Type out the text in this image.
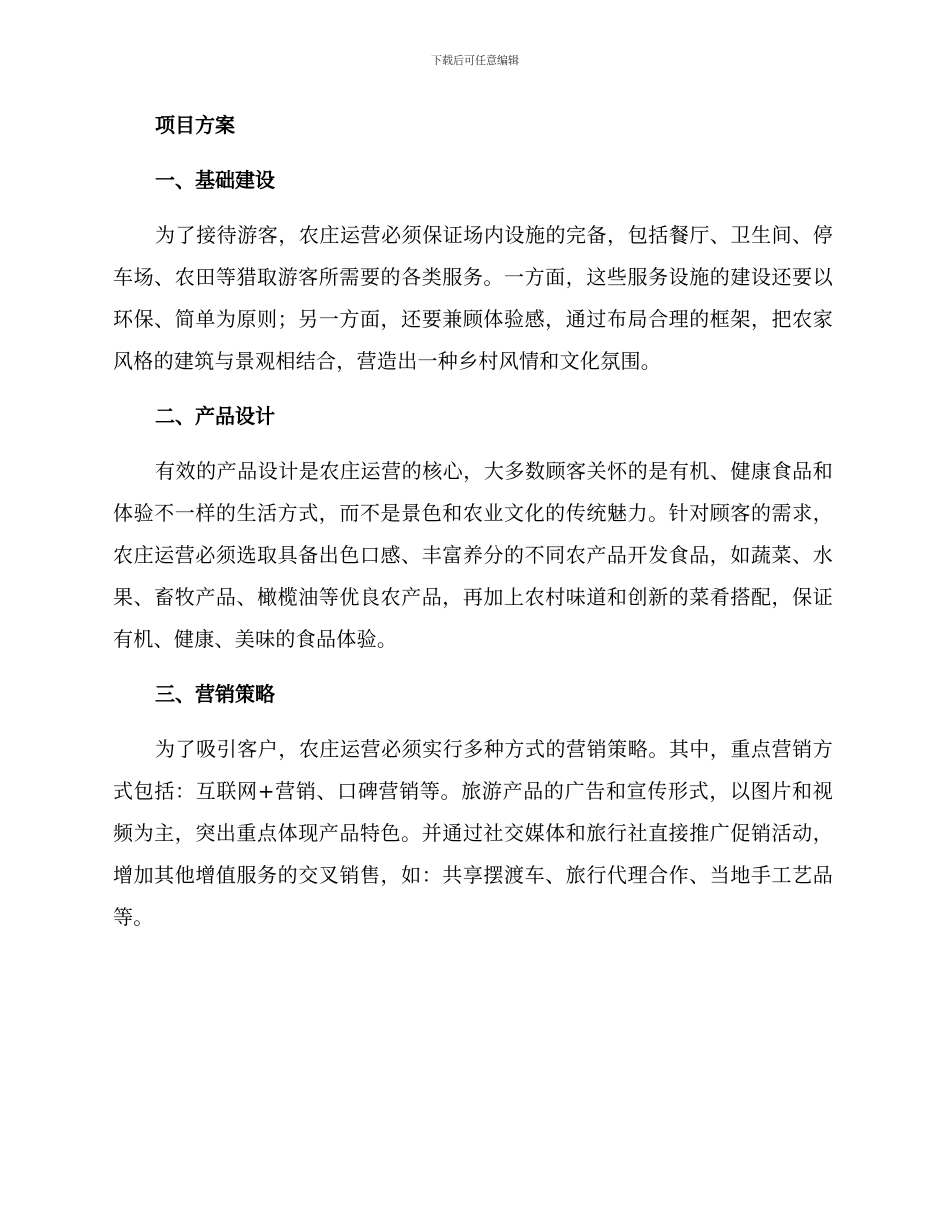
下载后可任意编辑
项目方案
一、基础建设

为了接待游客，农庄运营必须保证场内设施的完备，包括餐厅、卫生间、停车场、农田等猎取游客所需要的各类服务。一方面，这些服务设施的建设还要以环保、简单为原则；另一方面，还要兼顾体验感，通过布局合理的框架，把农家风格的建筑与景观相结合，营造出一种乡村风情和文化氛围。

二、产品设计

有效的产品设计是农庄运营的核心，大多数顾客关怀的是有机、健康食品和体验不一样的生活方式，而不是景色和农业文化的传统魅力。针对顾客的需求，农庄运营必须选取具备出色口感、丰富养分的不同农产品开发食品，如蔬菜、水果、畜牧产品、橄榄油等优良农产品，再加上农村味道和创新的菜肴搭配，保证有机、健康、美味的食品体验。

三、营销策略

为了吸引客户，农庄运营必须实行多种方式的营销策略。其中，重点营销方式包括：互联网+营销、口碑营销等。旅游产品的广告和宣传形式，以图片和视频为主，突出重点体现产品特色。并通过社交媒体和旅行社直接推广促销活动，增加其他增值服务的交叉销售，如：共享摆渡车、旅行代理合作、当地手工艺品等。
